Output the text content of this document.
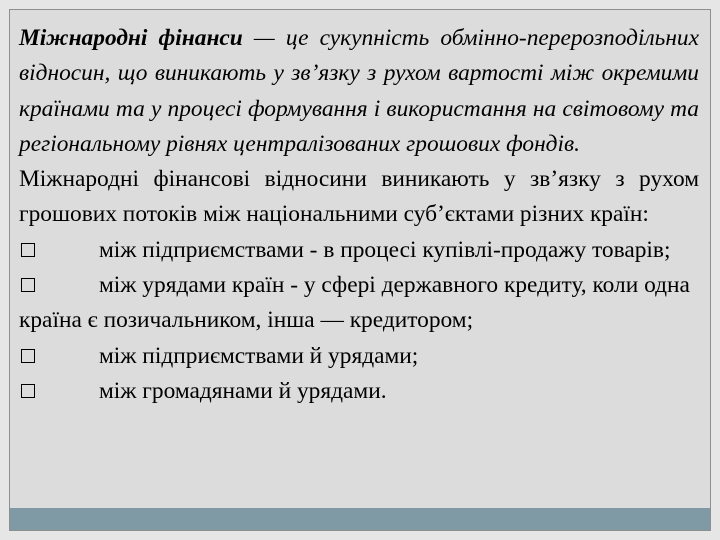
Міжнародні фінанси — це сукупність обмінно-перерозподільних відносин, що виникають у зв’язку з рухом вартості між окремими країнами та у процесі формування і використання на світовому та регіональному рівнях централізованих грошових фондів.

Міжнародні фінансові відносини виникають у зв’язку з рухом грошових потоків між національними суб’єктами різних країн:

між підприємствами - в процесі купівлі-продажу товарів;

між урядами країн - у сфері державного кредиту, коли одна країна є позичальником, інша — кредитором;

між підприємствами й урядами;

між громадянами й урядами.
